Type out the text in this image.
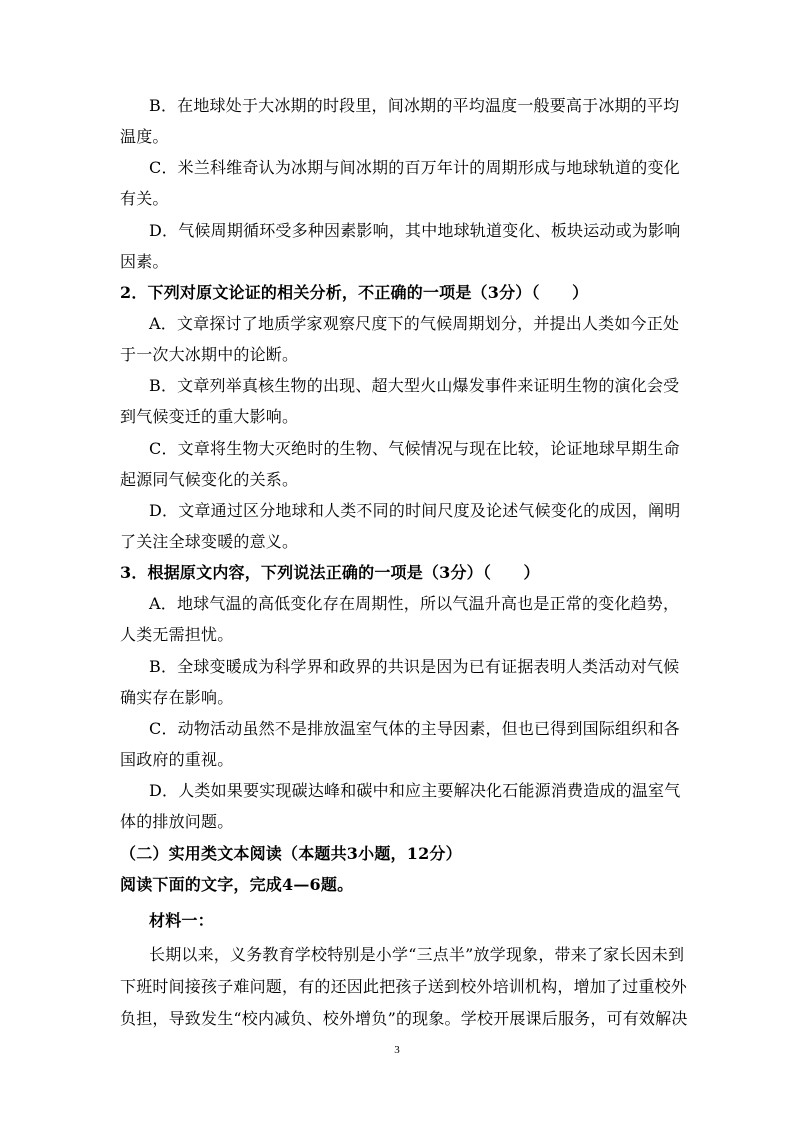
B．在地球处于大冰期的时段里，间冰期的平均温度一般要高于冰期的平均
温度。
C．米兰科维奇认为冰期与间冰期的百万年计的周期形成与地球轨道的变化
有关。
D．气候周期循环受多种因素影响，其中地球轨道变化、板块运动或为影响
因素。
2．下列对原文论证的相关分析，不正确的一项是（3分）（　　）
A．文章探讨了地质学家观察尺度下的气候周期划分，并提出人类如今正处
于一次大冰期中的论断。
B．文章列举真核生物的出现、超大型火山爆发事件来证明生物的演化会受
到气候变迁的重大影响。
C．文章将生物大灭绝时的生物、气候情况与现在比较，论证地球早期生命
起源同气候变化的关系。
D．文章通过区分地球和人类不同的时间尺度及论述气候变化的成因，阐明
了关注全球变暖的意义。
3．根据原文内容，下列说法正确的一项是（3分）（　　）
A．地球气温的高低变化存在周期性，所以气温升高也是正常的变化趋势，
人类无需担忧。
B．全球变暖成为科学界和政界的共识是因为已有证据表明人类活动对气候
确实存在影响。
C．动物活动虽然不是排放温室气体的主导因素，但也已得到国际组织和各
国政府的重视。
D．人类如果要实现碳达峰和碳中和应主要解决化石能源消费造成的温室气
体的排放问题。
（二）实用类文本阅读（本题共3小题，12分）
阅读下面的文字，完成4—6题。
材料一：
长期以来，义务教育学校特别是小学“三点半”放学现象，带来了家长因未到
下班时间接孩子难问题，有的还因此把孩子送到校外培训机构，增加了过重校外
负担，导致发生“校内减负、校外增负”的现象。学校开展课后服务，可有效解决
3
